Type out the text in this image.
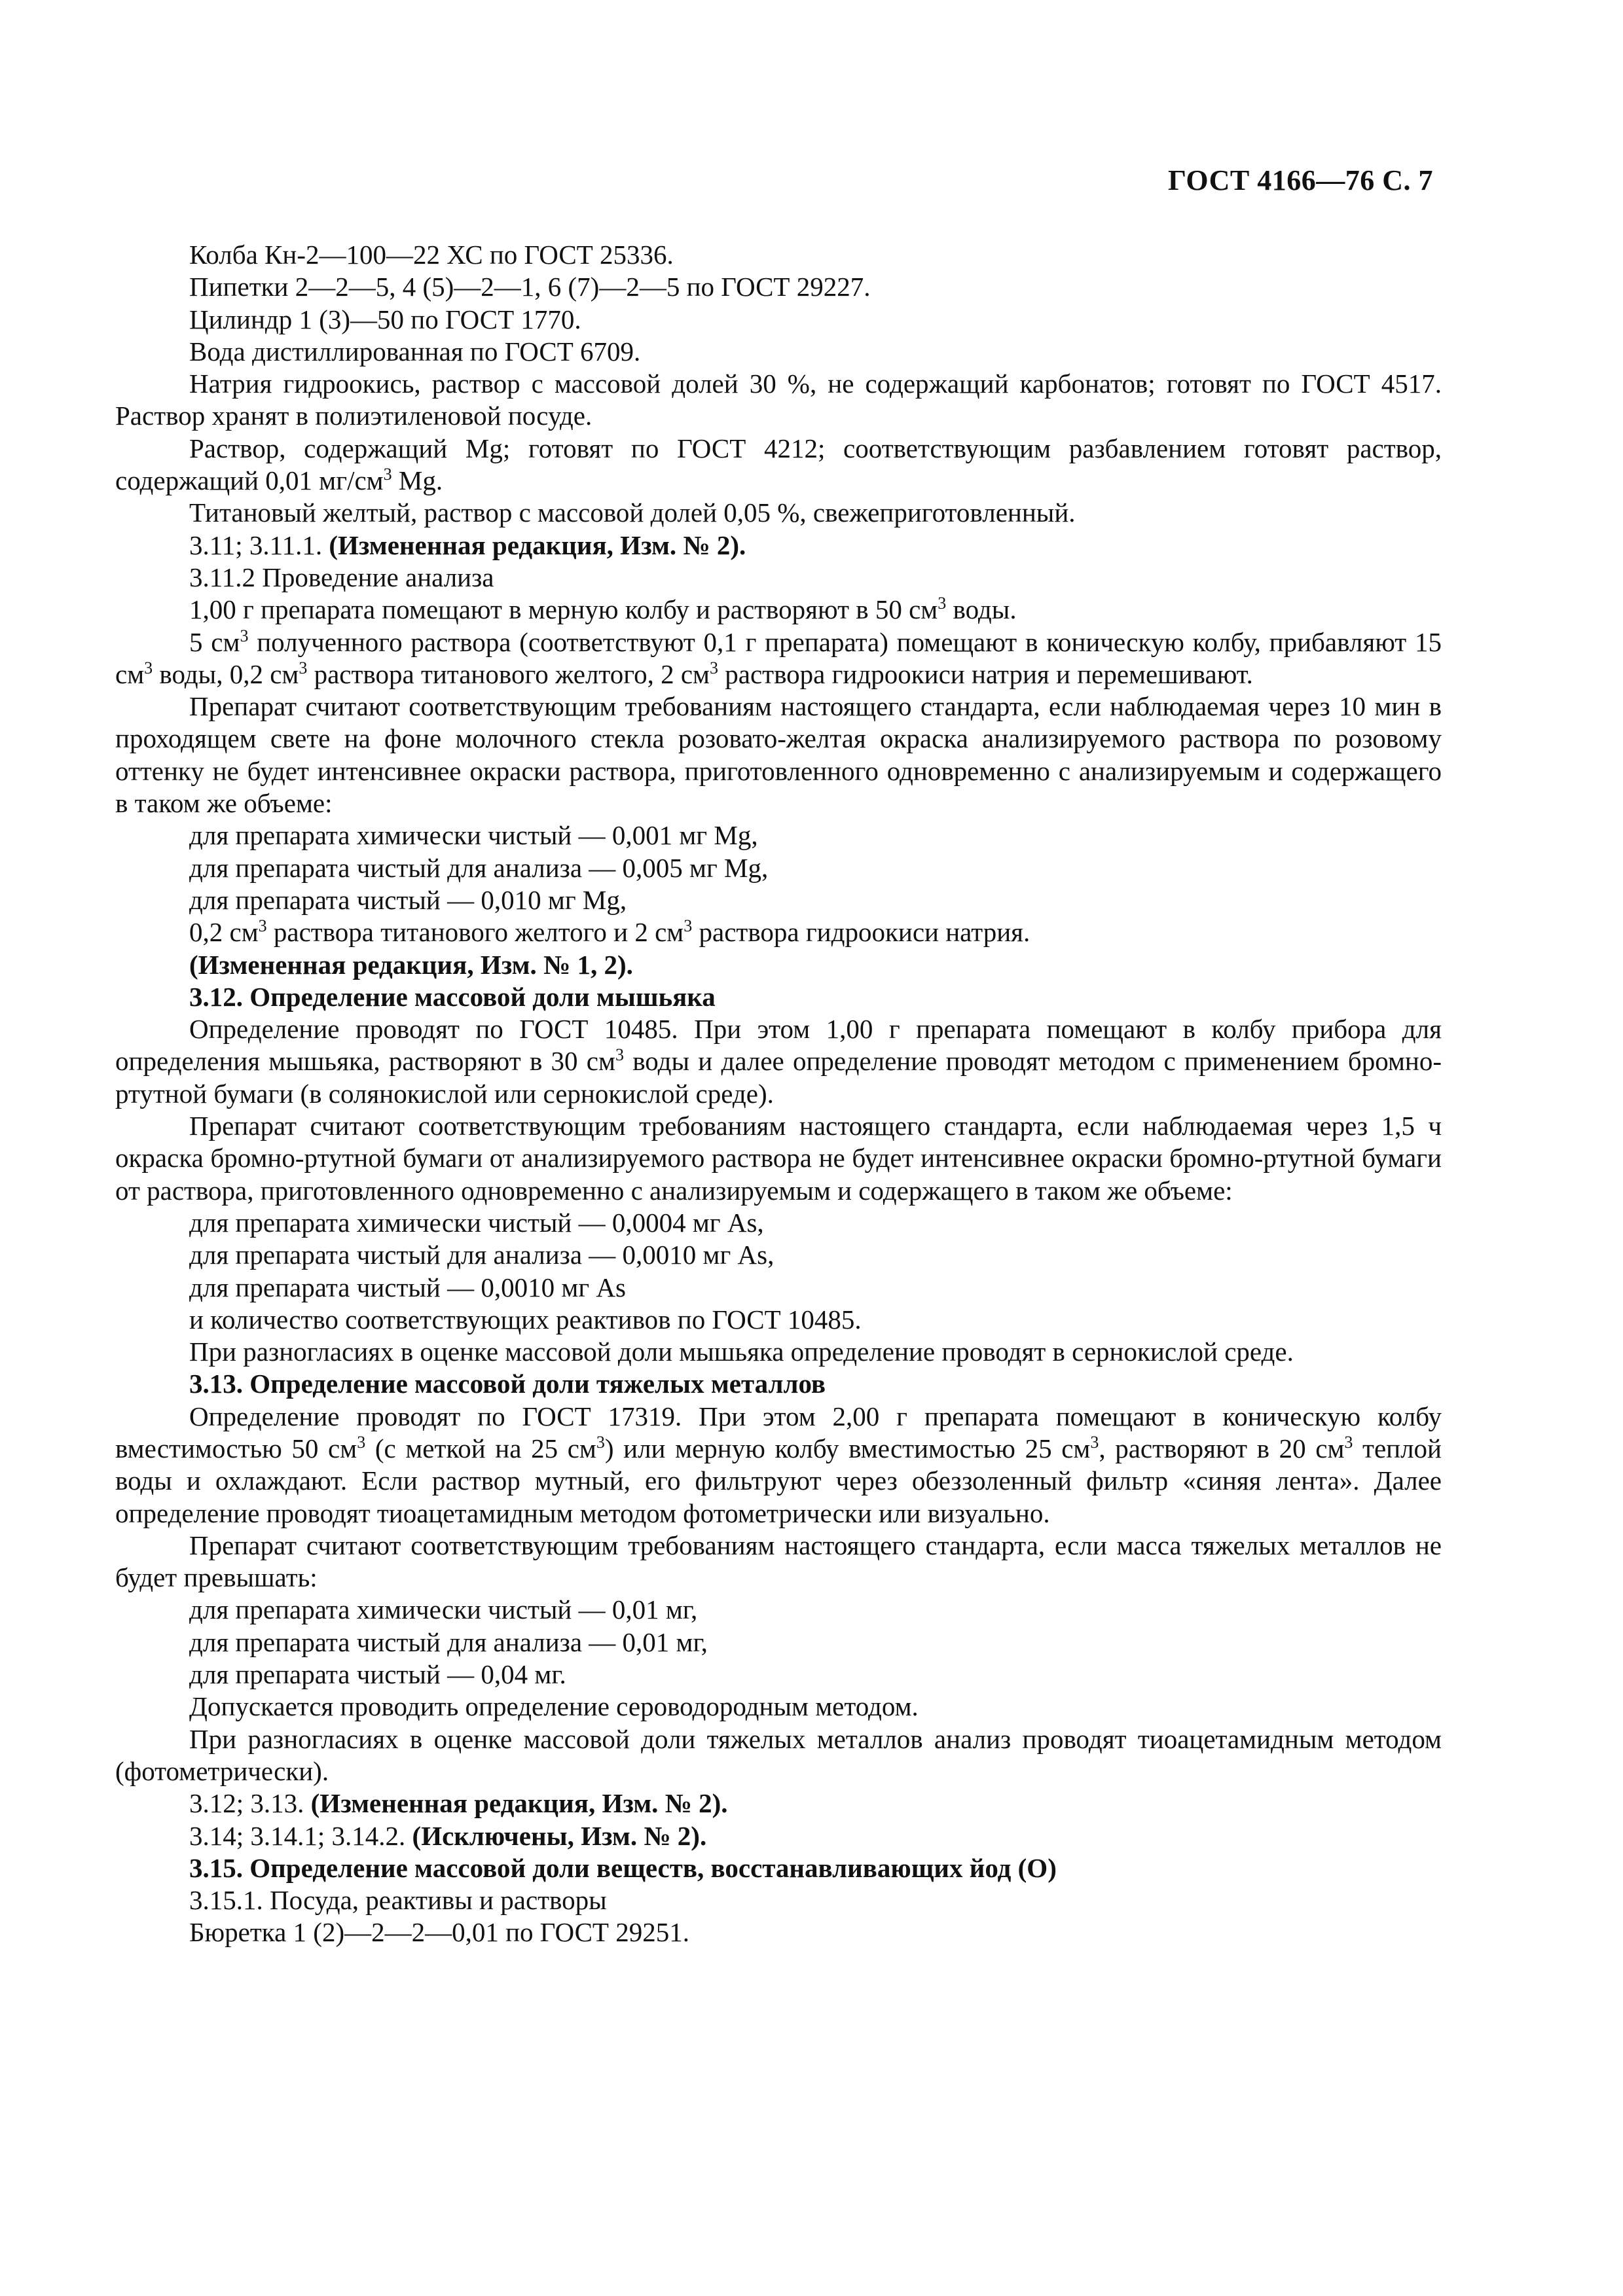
ГОСТ 4166—76 С. 7

Колба Кн-2—100—22 ХС по ГОСТ 25336.

Пипетки 2—2—5, 4 (5)—2—1, 6 (7)—2—5 по ГОСТ 29227.

Цилиндр 1 (3)—50 по ГОСТ 1770.

Вода дистиллированная по ГОСТ 6709.

Натрия гидроокись, раствор с массовой долей 30 %, не содержащий карбонатов; готовят по ГОСТ 4517. Раствор хранят в полиэтиленовой посуде.

Раствор, содержащий Mg; готовят по ГОСТ 4212; соответствующим разбавлением готовят раствор, содержащий 0,01 $мг/см^3$ Mg.

Титановый желтый, раствор с массовой долей 0,05 %, свежеприготовленный.

3.11; 3.11.1. (Измененная редакция, Изм. № 2).

3.11.2 Проведение анализа

1,00 г препарата помещают в мерную колбу и растворяют в 50 $см^3$ воды.

5 $см^3$ полученного раствора (соответствуют 0,1 г препарата) помещают в коническую колбу, прибавляют 15 $см^3$ воды, 0,2 $см^3$ раствора титанового желтого, 2 $см^3$ раствора гидроокиси натрия и перемешивают.

Препарат считают соответствующим требованиям настоящего стандарта, если наблюдаемая через 10 мин в проходящем свете на фоне молочного стекла розовато-желтая окраска анализируемого раствора по розовому оттенку не будет интенсивнее окраски раствора, приготовленного одновременно с анализируемым и содержащего в таком же объеме:

для препарата химически чистый — 0,001 мг Mg,

для препарата чистый для анализа — 0,005 мг Mg,

для препарата чистый — 0,010 мг Mg,

0,2 $см^3$ раствора титанового желтого и 2 $см^3$ раствора гидроокиси натрия.

(Измененная редакция, Изм. № 1, 2).

3.12. Определение массовой доли мышьяка

Определение проводят по ГОСТ 10485. При этом 1,00 г препарата помещают в колбу прибора для определения мышьяка, растворяют в 30 $см^3$ воды и далее определение проводят методом с применением бромно-ртутной бумаги (в солянокислой или сернокислой среде).

Препарат считают соответствующим требованиям настоящего стандарта, если наблюдаемая через 1,5 ч окраска бромно-ртутной бумаги от анализируемого раствора не будет интенсивнее окраски бромно-ртутной бумаги от раствора, приготовленного одновременно с анализируемым и содержащего в таком же объеме:

для препарата химически чистый — 0,0004 мг As,

для препарата чистый для анализа — 0,0010 мг As,

для препарата чистый — 0,0010 мг As

и количество соответствующих реактивов по ГОСТ 10485.

При разногласиях в оценке массовой доли мышьяка определение проводят в сернокислой среде.

3.13. Определение массовой доли тяжелых металлов

Определение проводят по ГОСТ 17319. При этом 2,00 г препарата помещают в коническую колбу вместимостью 50 $см^3$ (с меткой на 25 $см^3$) или мерную колбу вместимостью 25 $см^3$, растворяют в 20 $см^3$ теплой воды и охлаждают. Если раствор мутный, его фильтруют через обеззоленный фильтр «синяя лента». Далее определение проводят тиоацетамидным методом фотометрически или визуально.

Препарат считают соответствующим требованиям настоящего стандарта, если масса тяжелых металлов не будет превышать:

для препарата химически чистый — 0,01 мг,

для препарата чистый для анализа — 0,01 мг,

для препарата чистый — 0,04 мг.

Допускается проводить определение сероводородным методом.

При разногласиях в оценке массовой доли тяжелых металлов анализ проводят тиоацетамидным методом (фотометрически).

3.12; 3.13. (Измененная редакция, Изм. № 2).

3.14; 3.14.1; 3.14.2. (Исключены, Изм. № 2).

3.15. Определение массовой доли веществ, восстанавливающих йод (О)

3.15.1. Посуда, реактивы и растворы

Бюретка 1 (2)—2—2—0,01 по ГОСТ 29251.
